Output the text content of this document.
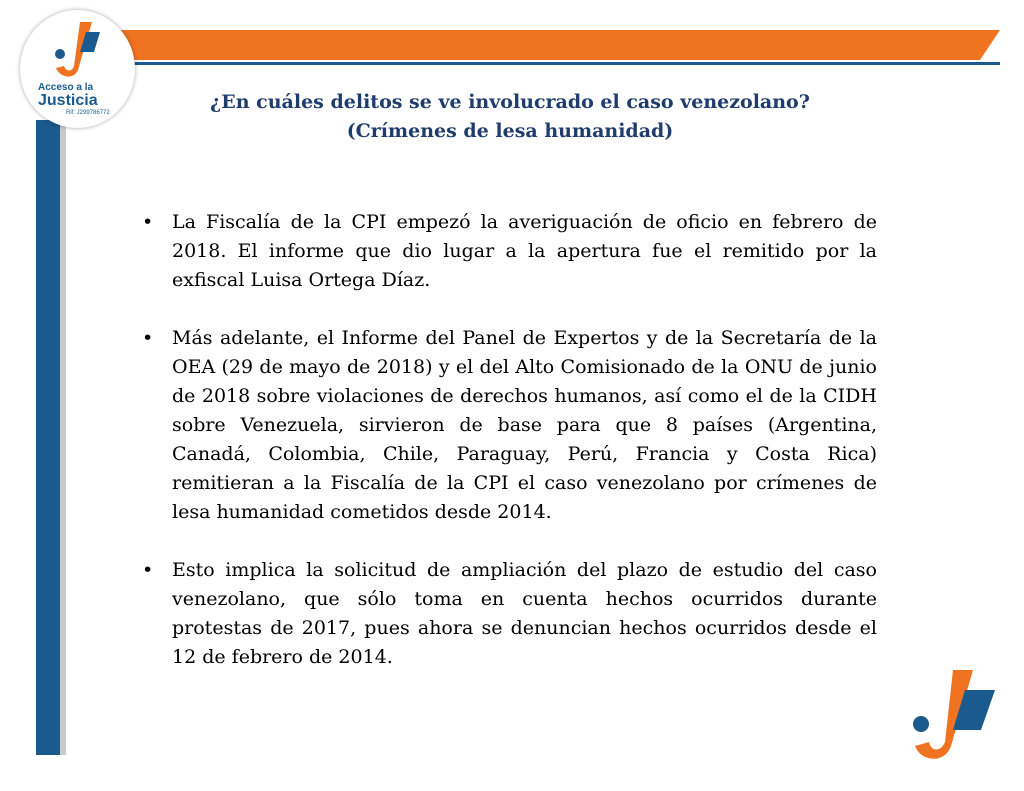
Acceso a la
Justicia
Rif: J299786772	¿En cuáles delitos se ve involucrado el caso venezolano?
(Crímenes de lesa humanidad)
• La Fiscalía de la CPI empezó la averiguación de oficio en febrero de 2018. El informe que dio lugar a la apertura fue el remitido por la exfiscal Luisa Ortega Díaz.
• Más adelante, el Informe del Panel de Expertos y de la Secretaría de la OEA (29 de mayo de 2018) y el del Alto Comisionado de la ONU de junio de 2018 sobre violaciones de derechos humanos, así como el de la CIDH sobre Venezuela, sirvieron de base para que 8 países (Argentina, Canadá, Colombia, Chile, Paraguay, Perú, Francia y Costa Rica) remitieran a la Fiscalía de la CPI el caso venezolano por crímenes de lesa humanidad cometidos desde 2014.
• Esto implica la solicitud de ampliación del plazo de estudio del caso venezolano, que sólo toma en cuenta hechos ocurridos durante protestas de 2017, pues ahora se denuncian hechos ocurridos desde el 12 de febrero de 2014.
